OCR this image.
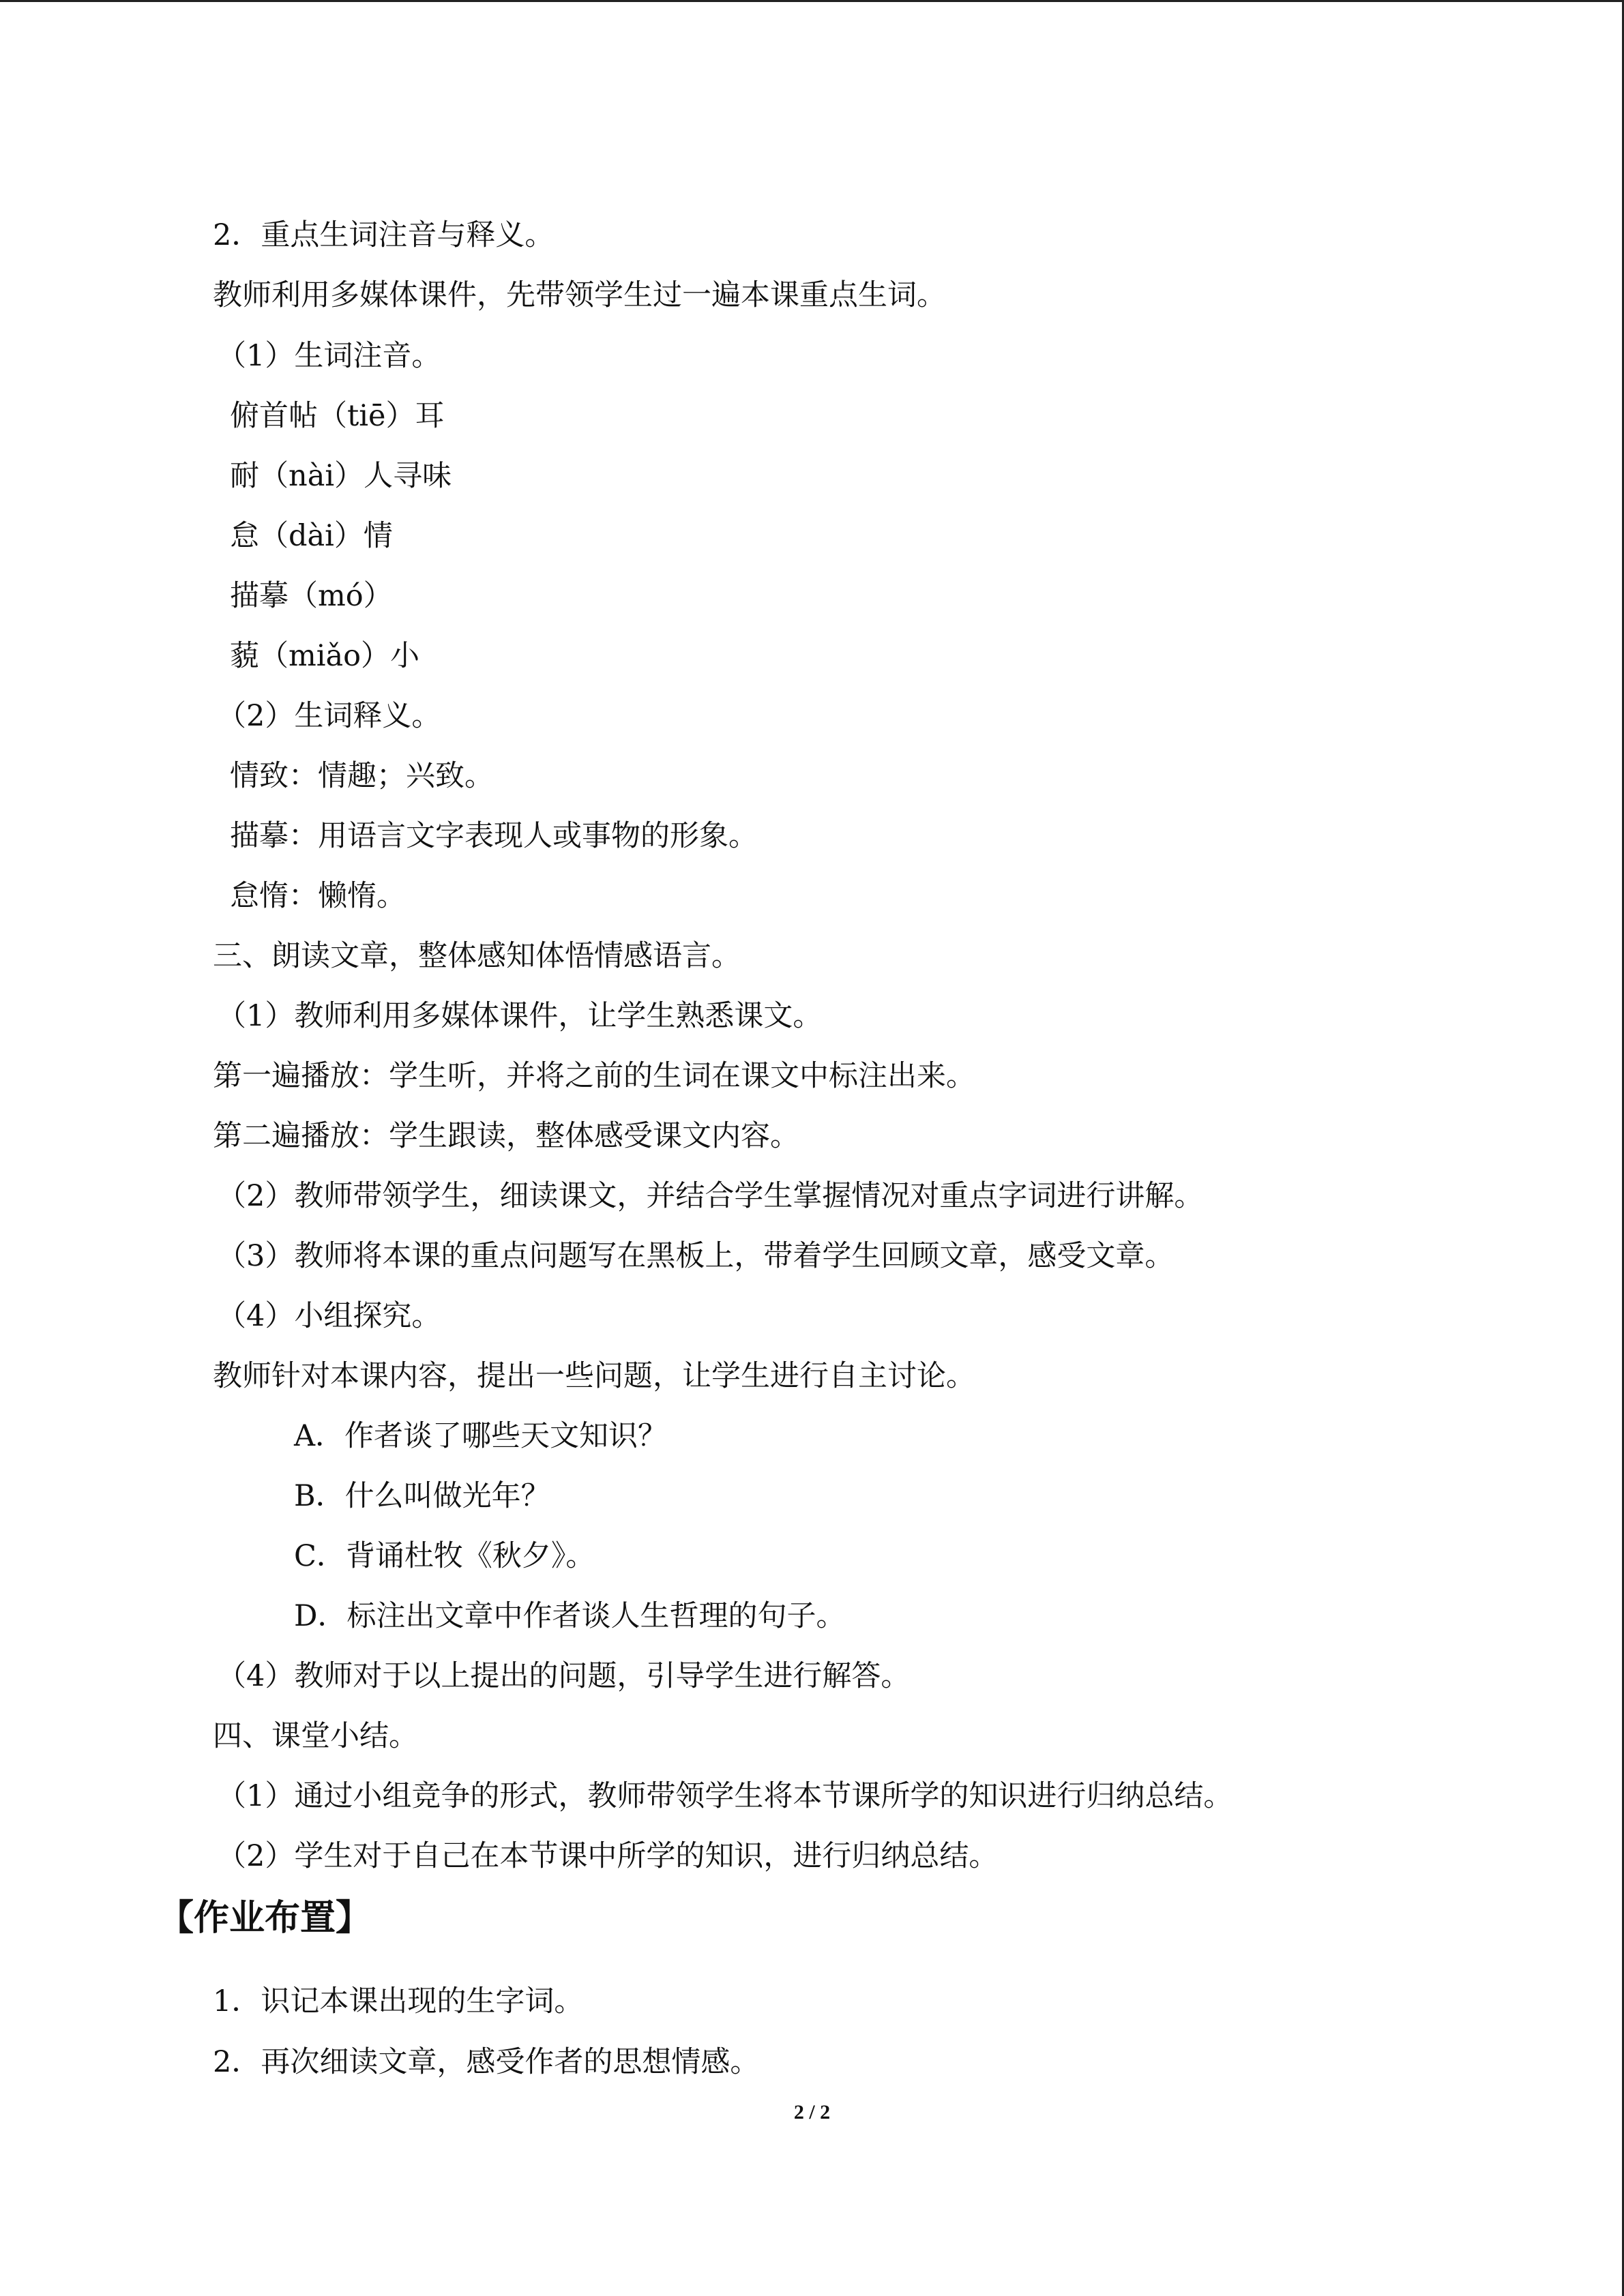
2．重点生词注音与释义。
教师利用多媒体课件，先带领学生过一遍本课重点生词。
（1）生词注音。
俯首帖（tiē）耳
耐（nài）人寻味
怠（dài）情
描摹（mó）
藐（miǎo）小
（2）生词释义。
情致：情趣；兴致。
描摹：用语言文字表现人或事物的形象。
怠惰：懒惰。
三、朗读文章，整体感知体悟情感语言。
（1）教师利用多媒体课件，让学生熟悉课文。
第一遍播放：学生听，并将之前的生词在课文中标注出来。
第二遍播放：学生跟读，整体感受课文内容。
（2）教师带领学生，细读课文，并结合学生掌握情况对重点字词进行讲解。
（3）教师将本课的重点问题写在黑板上，带着学生回顾文章，感受文章。
（4）小组探究。
教师针对本课内容，提出一些问题，让学生进行自主讨论。
A．作者谈了哪些天文知识？
B．什么叫做光年？
C．背诵杜牧《秋夕》。
D．标注出文章中作者谈人生哲理的句子。
（4）教师对于以上提出的问题，引导学生进行解答。
四、课堂小结。
（1）通过小组竞争的形式，教师带领学生将本节课所学的知识进行归纳总结。
（2）学生对于自己在本节课中所学的知识，进行归纳总结。
【作业布置】
1．识记本课出现的生字词。
2．再次细读文章，感受作者的思想情感。
2 / 2
